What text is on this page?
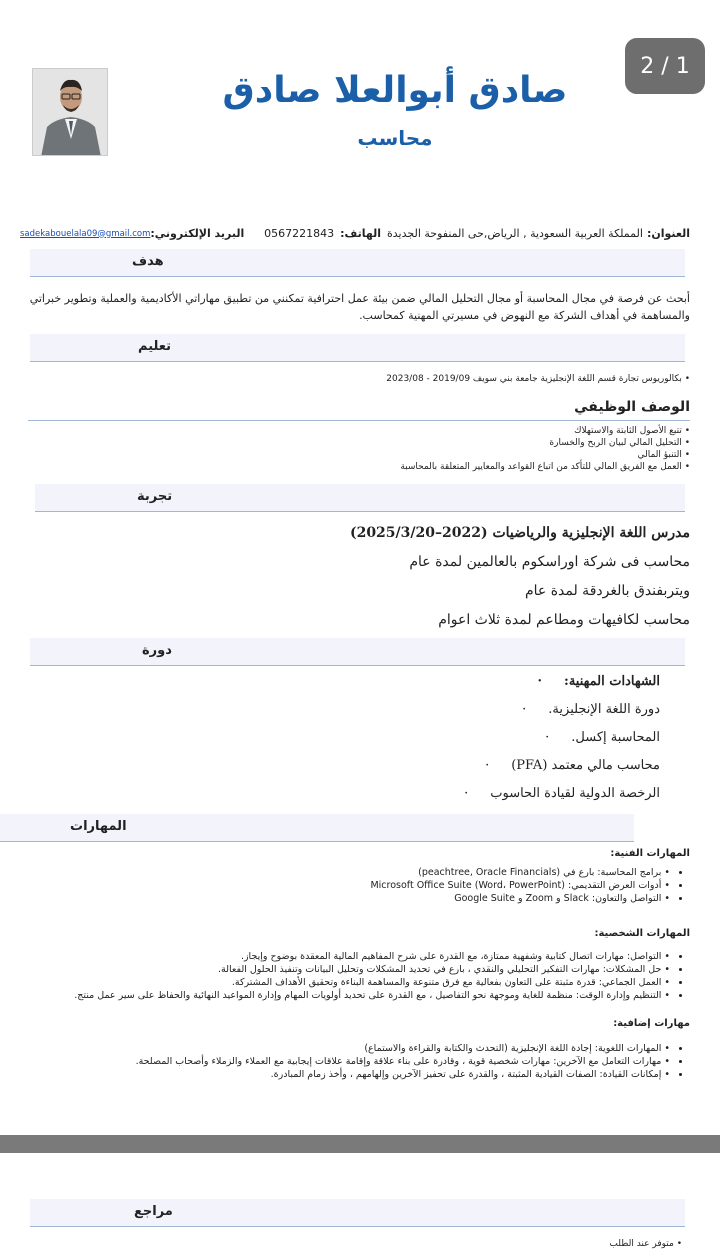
صادق أبوالعلا صادق
محاسب
2 / 1
sadekabouelala09@gmail.com البريد الإلكتروني: 0567221843 الهاتف: المملكة العربية السعودية , الرياض,حى المنفوحة الجديدة العنوان:
هدف
أبحث عن فرصة في مجال المحاسبة أو مجال التحليل المالي ضمن بيئة عمل احترافية تمكنني من تطبيق مهاراتي الأكاديمية والعملية وتطوير خبراتي والمساهمة في أهداف الشركة مع النهوض في مسيرتي المهنية كمحاسب.
تعليم
• بكالوريوس تجارة قسم اللغة الإنجليزية جامعة بني سويف 2019/09 - 2023/08
الوصف الوظيفي
• تتبع الأصول الثابتة والاستهلاك
• التحليل المالي لبيان الربح والخسارة
• التنبؤ المالي
• العمل مع الفريق المالي للتأكد من اتباع القواعد والمعايير المتعلقة بالمحاسبة
تجربة
مدرس اللغة الإنجليزية والرياضيات (2022–2025/3/20)
محاسب فى شركة اوراسكوم بالعالمين لمدة عام
ويتربفندق بالغردقة لمدة عام
محاسب لكافيهات ومطاعم لمدة ثلاث اعوام
دورة
الشهادات المهنية:·
دورة اللغة الإنجليزية.·
المحاسبة إكسل.·
محاسب مالي معتمد (PFA)·
الرخصة الدولية لقيادة الحاسوب·
المهارات
المهارات الفنية:
• • برامج المحاسبة: بارع في (peachtree, Oracle Financials)
• • أدوات العرض التقديمي: Microsoft Office Suite (Word، PowerPoint)
• • التواصل والتعاون: Slack و Zoom و Google Suite
المهارات الشخصية:
• • التواصل: مهارات اتصال كتابية وشفهية ممتازة، مع القدرة على شرح المفاهيم المالية المعقدة بوضوح وإيجاز.
• • حل المشكلات: مهارات التفكير التحليلي والنقدي ، بارع في تحديد المشكلات وتحليل البيانات وتنفيذ الحلول الفعالة.
• • العمل الجماعي: قدرة مثبتة على التعاون بفعالية مع فرق متنوعة والمساهمة البناءة وتحقيق الأهداف المشتركة.
• • التنظيم وإدارة الوقت: منظمة للغاية وموجهة نحو التفاصيل ، مع القدرة على تحديد أولويات المهام وإدارة المواعيد النهائية والحفاظ على سير عمل منتج.
مهارات إضافية:
• • المهارات اللغوية: إجادة اللغة الإنجليزية (التحدث والكتابة والقراءة والاستماع)
• • مهارات التعامل مع الآخرين: مهارات شخصية قوية ، وقادرة على بناء علاقة وإقامة علاقات إيجابية مع العملاء والزملاء وأصحاب المصلحة.
• • إمكانات القيادة: الصفات القيادية المثبتة ، والقدرة على تحفيز الآخرين وإلهامهم ، وأخذ زمام المبادرة.
مراجع
• متوفر عند الطلب
